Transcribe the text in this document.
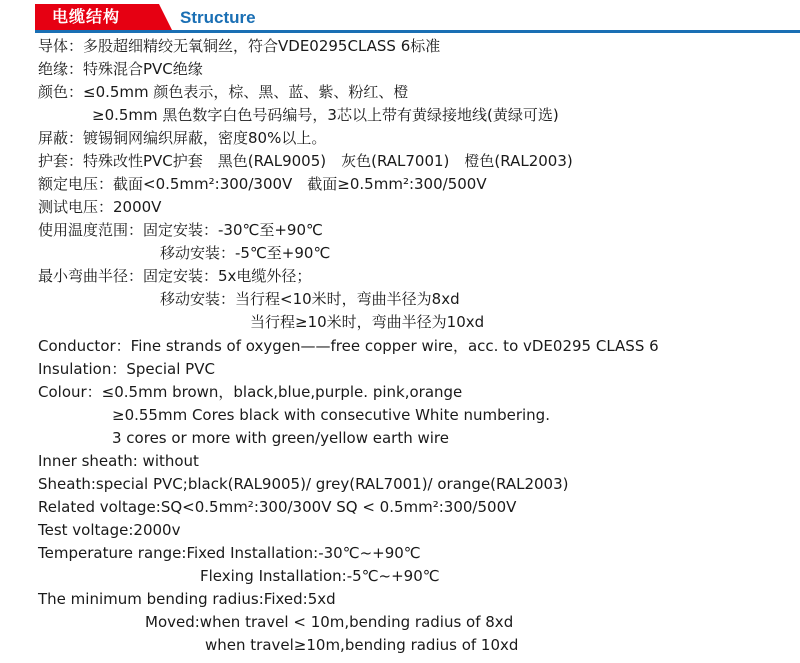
电缆结构	Structure
导体：多股超细精绞无氧铜丝，符合VDE0295CLASS 6标准
绝缘：特殊混合PVC绝缘
颜色：≤0.5mm 颜色表示，棕、黑、蓝、紫、粉红、橙
≥0.5mm 黑色数字白色号码编号，3芯以上带有黄绿接地线(黄绿可选)
屏蔽：镀锡铜网编织屏蔽，密度80%以上。
护套：特殊改性PVC护套　黑色(RAL9005)　灰色(RAL7001)　橙色(RAL2003)
额定电压：截面<0.5mm²:300/300V　截面≥0.5mm²:300/500V
测试电压：2000V
使用温度范围：固定安装：-30℃至+90℃
移动安装：-5℃至+90℃
最小弯曲半径：固定安装：5x电缆外径；
移动安装：当行程<10米时，弯曲半径为8xd
当行程≥10米时，弯曲半径为10xd
Conductor：Fine strands of oxygen——free copper wire，acc. to vDE0295 CLASS 6
Insulation：Special PVC
Colour：≤0.5mm brown，black,blue,purple. pink,orange
≥0.55mm Cores black with consecutive White numbering.
3 cores or more with green/yellow earth wire
Inner sheath: without
Sheath:special PVC;black(RAL9005)/ grey(RAL7001)/ orange(RAL2003)
Related voltage:SQ<0.5mm²:300/300V SQ < 0.5mm²:300/500V
Test voltage:2000v
Temperature range:Fixed Installation:-30℃~+90℃
Flexing Installation:-5℃~+90℃
The minimum bending radius:Fixed:5xd
Moved:when travel < 10m,bending radius of 8xd
when travel≥10m,bending radius of 10xd
